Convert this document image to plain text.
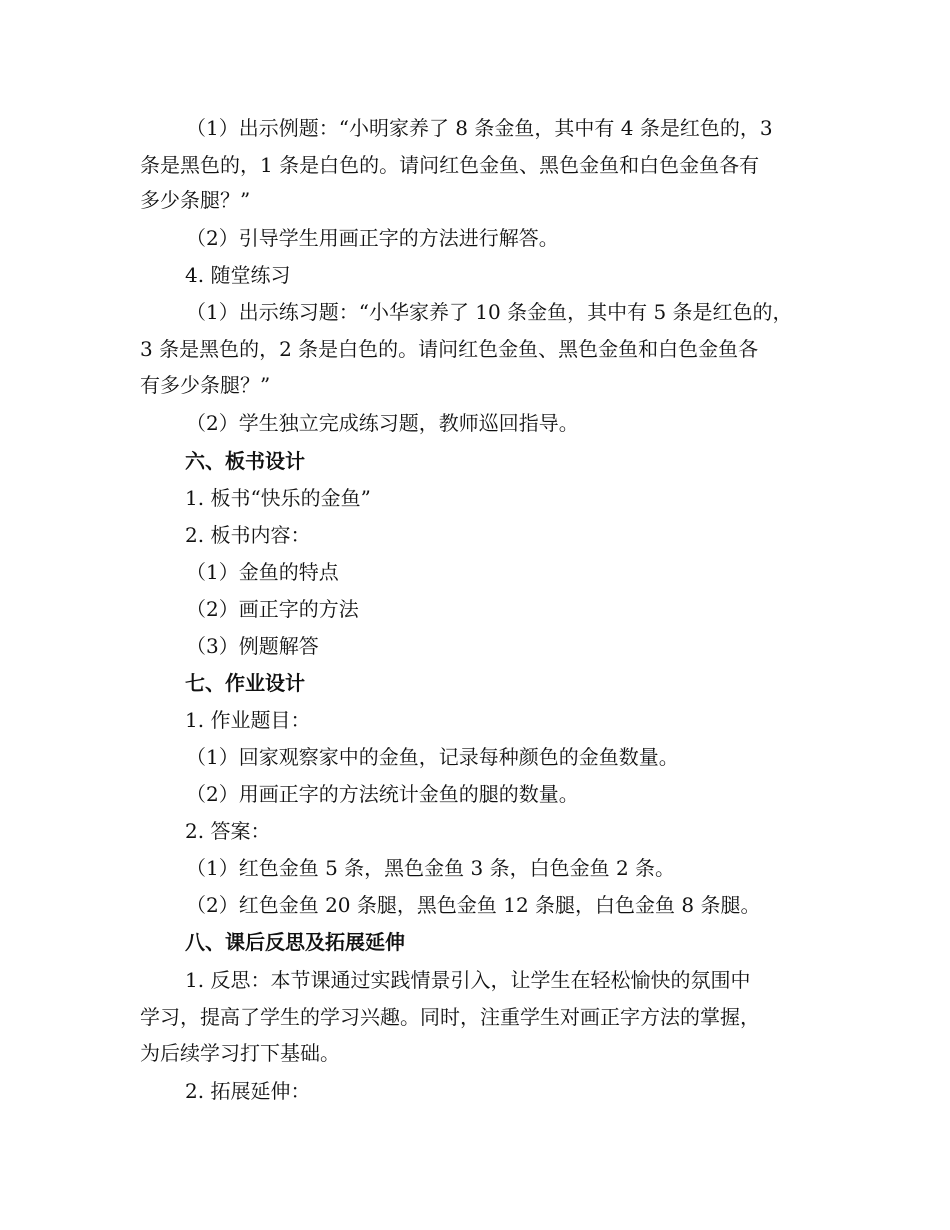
（1）出示例题：“小明家养了 8 条金鱼，其中有 4 条是红色的，3
条是黑色的，1 条是白色的。请问红色金鱼、黑色金鱼和白色金鱼各有
多少条腿？”
（2）引导学生用画正字的方法进行解答。
4. 随堂练习
（1）出示练习题：“小华家养了 10 条金鱼，其中有 5 条是红色的，
3 条是黑色的，2 条是白色的。请问红色金鱼、黑色金鱼和白色金鱼各
有多少条腿？”
（2）学生独立完成练习题，教师巡回指导。
六、板书设计
1. 板书“快乐的金鱼”
2. 板书内容：
（1）金鱼的特点
（2）画正字的方法
（3）例题解答
七、作业设计
1. 作业题目：
（1）回家观察家中的金鱼，记录每种颜色的金鱼数量。
（2）用画正字的方法统计金鱼的腿的数量。
2. 答案：
（1）红色金鱼 5 条，黑色金鱼 3 条，白色金鱼 2 条。
（2）红色金鱼 20 条腿，黑色金鱼 12 条腿，白色金鱼 8 条腿。
八、课后反思及拓展延伸
1. 反思：本节课通过实践情景引入，让学生在轻松愉快的氛围中
学习，提高了学生的学习兴趣。同时，注重学生对画正字方法的掌握，
为后续学习打下基础。
2. 拓展延伸：
